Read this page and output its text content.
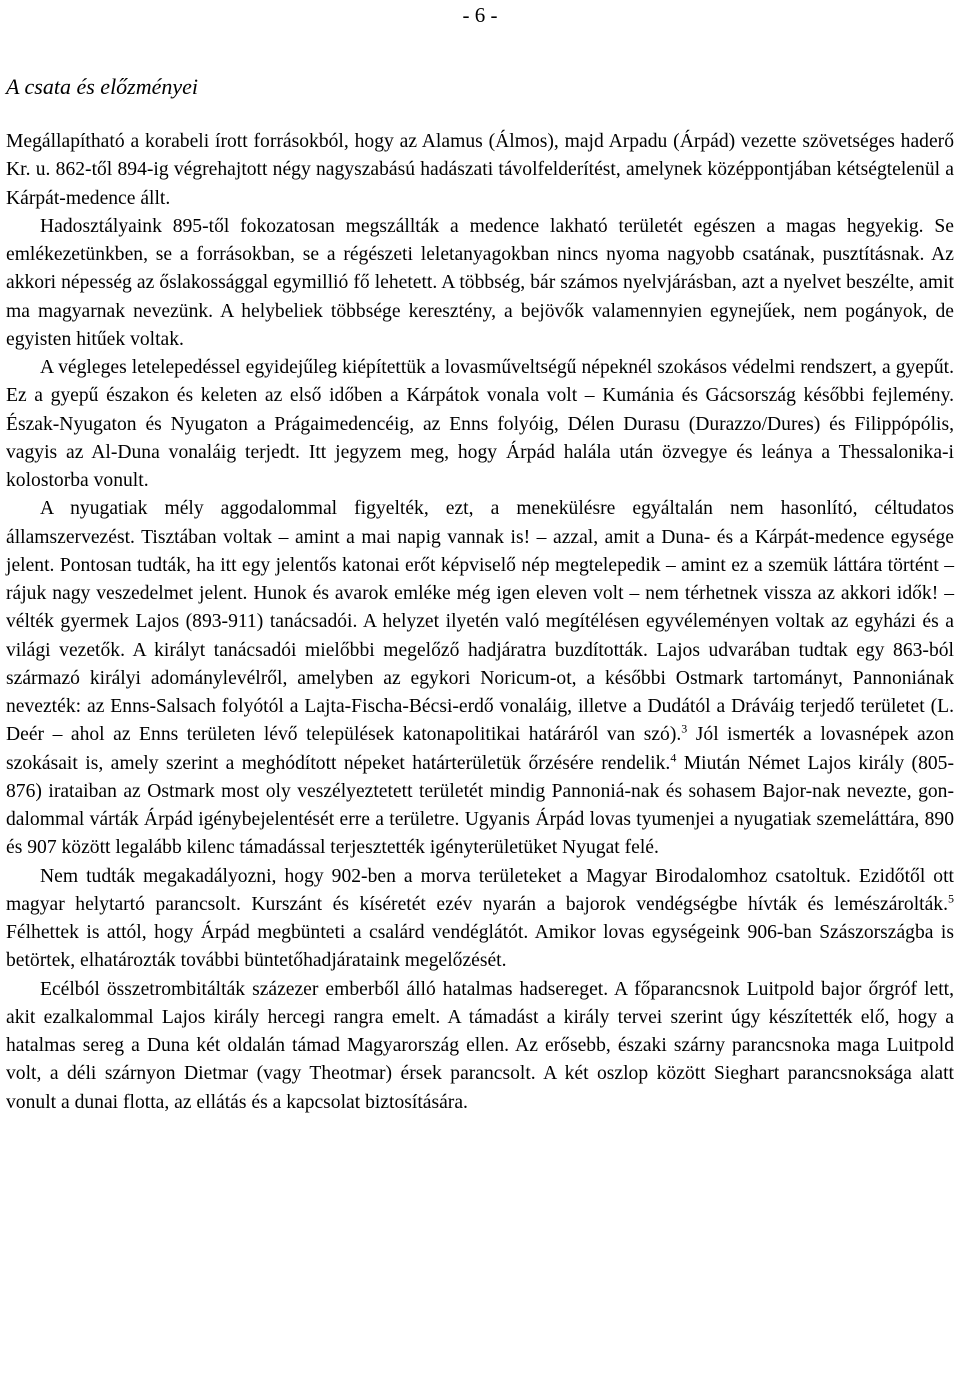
- 6 -
A csata és előzményei

Megállapítható a korabeli írott forrásokból, hogy az Alamus (Álmos), majd Arpadu (Árpád) vezette szövetséges haderő Kr. u. 862-től 894-ig végrehajtott négy nagyszabású hadászati távolfelderítést, amelynek középpontjában kétségtelenül a Kárpát-medence állt.

Hadosztályaink 895-től fokozatosan megszállták a medence lakható területét egészen a magas hegyekig. Se emlékezetünkben, se a forrásokban, se a régészeti leletanyagokban nincs nyoma nagyobb csatának, pusztításnak. Az akkori népesség az őslakossággal egymillió fő lehetett. A többség, bár számos nyelvjárásban, azt a nyelvet beszélte, amit ma magyarnak nevezünk. A helybeliek többsége keresztény, a bejövők valamennyien egynejűek, nem pogányok, de egyisten hitűek voltak.

A végleges letelepedéssel egyidejűleg kiépítettük a lovasműveltségű népeknél szokásos védelmi rendszert, a gyepűt. Ez a gyepű északon és keleten az első időben a Kárpátok vonala volt – Kumánia és Gácsország későbbi fejlemény. Észak-Nyugaton és Nyugaton a Prágaimedencéig, az Enns folyóig, Délen Durasu (Durazzo/Dures) és Filippópólis, vagyis az Al-Duna vonaláig terjedt. Itt jegyzem meg, hogy Árpád halála után özvegye és leánya a Thessalonika-i kolostorba vonult.

A nyugatiak mély aggodalommal figyelték, ezt, a menekülésre egyáltalán nem hasonlító, céltudatos államszervezést. Tisztában voltak – amint a mai napig vannak is! – azzal, amit a Duna- és a Kárpát-medence egysége jelent. Pontosan tudták, ha itt egy jelentős katonai erőt képviselő nép megtelepedik – amint ez a szemük láttára történt – rájuk nagy veszedelmet jelent. Hunok és avarok emléke még igen eleven volt – nem térhetnek vissza az akkori idők! – vélték gyermek Lajos (893-911) tanácsadói. A helyzet ilyetén való megítélésen egyvéleményen voltak az egyházi és a világi vezetők. A királyt tanácsadói mielőbbi megelőző hadjáratra buzdították. Lajos udvarában tudtak egy 863-ból származó királyi adománylevélről, amelyben az egykori Noricum-ot, a későbbi Ostmark tartományt, Pannoniának nevezték: az Enns-Salsach folyótól a Lajta-Fischa-Bécsi-erdő vonaláig, illetve a Dudától a Dráváig terjedő területet (L. Deér – ahol az Enns területen lévő települések katonapolitikai határáról van szó).$^3$ Jól ismerték a lovasnépek azon szokásait is, amely szerint a meghódított népeket határterületük őrzésére rendelik.$^4$ Miután Német Lajos király (805-876) irataiban az Ostmark most oly veszélyeztetett területét mindig Pannoniá-nak és sohasem Bajor-nak nevezte, gondalommal várták Árpád igénybejelentését erre a területre. Ugyanis Árpád lovas tyumenjei a nyugatiak szemeláttára, 890 és 907 között legalább kilenc támadással terjesztették igényterületüket Nyugat felé.

Nem tudták megakadályozni, hogy 902-ben a morva területeket a Magyar Birodalomhoz csatoltuk. Ezidőtől ott magyar helytartó parancsolt. Kurszánt és kíséretét ezév nyarán a bajorok vendégségbe hívták és lemészárolták.$^5$ Félhettek is attól, hogy Árpád megbünteti a csalárd vendéglátót. Amikor lovas egységeink 906-ban Szászországba is betörtek, elhatározták további büntetőhadjárataink megelőzését.

Ecélból összetrombitálták százezer emberből álló hatalmas hadsereget. A főparancsnok Luitpold bajor őrgróf lett, akit ezalkalommal Lajos király hercegi rangra emelt. A támadást a király tervei szerint úgy készítették elő, hogy a hatalmas sereg a Duna két oldalán támad Magyarország ellen. Az erősebb, északi szárny parancsnoka maga Luitpold volt, a déli szárnyon Dietmar (vagy Theotmar) érsek parancsolt. A két oszlop között Sieghart parancsnoksága alatt vonult a dunai flotta, az ellátás és a kapcsolat biztosítására.
